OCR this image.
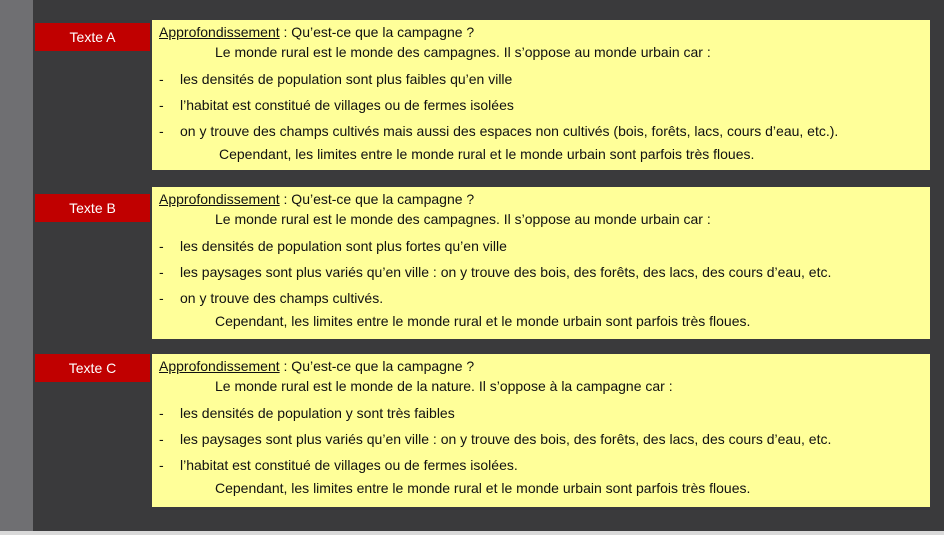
Texte A	Approfondissement : Qu’est-ce que la campagne ?
Le monde rural est le monde des campagnes. Il s’oppose au monde urbain car :
- les densités de population sont plus faibles qu’en ville
- l’habitat est constitué de villages ou de fermes isolées
- on y trouve des champs cultivés mais aussi des espaces non cultivés (bois, forêts, lacs, cours d’eau, etc.).
Cependant, les limites entre le monde rural et le monde urbain sont parfois très floues.
Texte B
Approfondissement : Qu’est-ce que la campagne ?
Le monde rural est le monde des campagnes. Il s’oppose au monde urbain car :
- les densités de population sont plus fortes qu’en ville
- les paysages sont plus variés qu’en ville : on y trouve des bois, des forêts, des lacs, des cours d’eau, etc.
- on y trouve des champs cultivés.
Cependant, les limites entre le monde rural et le monde urbain sont parfois très floues.
Texte C	Approfondissement : Qu’est-ce que la campagne ?
Le monde rural est le monde de la nature. Il s’oppose à la campagne car :
- les densités de population y sont très faibles
- les paysages sont plus variés qu’en ville : on y trouve des bois, des forêts, des lacs, des cours d’eau, etc.
- l’habitat est constitué de villages ou de fermes isolées.
Cependant, les limites entre le monde rural et le monde urbain sont parfois très floues.
